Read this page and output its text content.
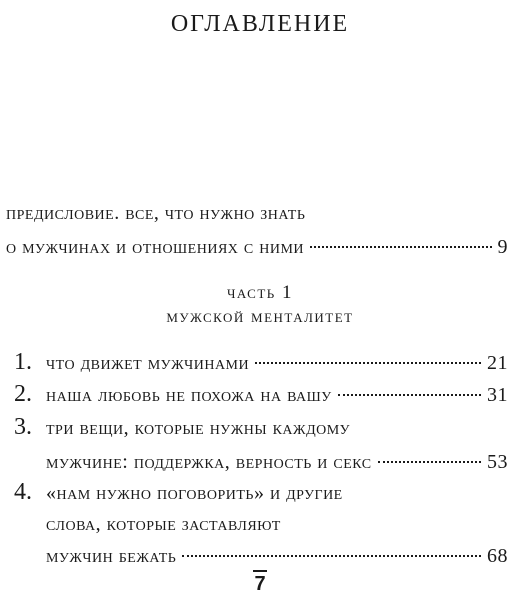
оглавление
предисловие. все, что нужно знать
о мужчинах и отношениях с ними	9
часть 1
мужской менталитет
1. что движет мужчинами	21
2. наша любовь не похожа на вашу	31
3. три вещи, которые нужны каждому
мужчине: поддержка, верность и секс	53
4. «нам нужно поговорить» и другие
слова, которые заставляют
мужчин бежать	68
7
